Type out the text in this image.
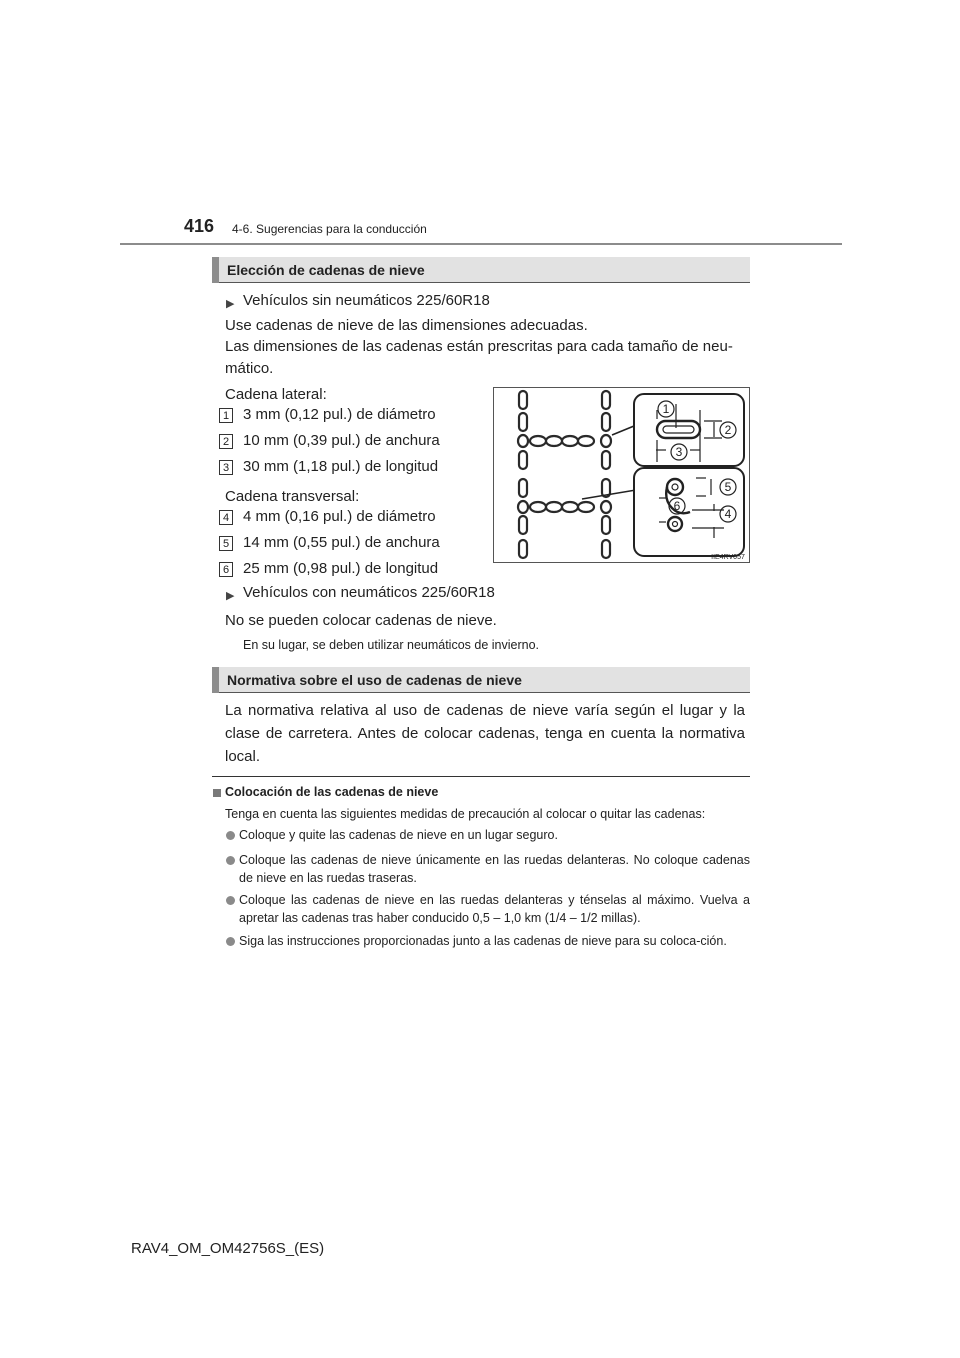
416 4-6. Sugerencias para la conducción
Elección de cadenas de nieve
▶ Vehículos sin neumáticos 225/60R18
Use cadenas de nieve de las dimensiones adecuadas.
Las dimensiones de las cadenas están prescritas para cada tamaño de neu-
mático.
Cadena lateral:
1 3 mm (0,12 pul.) de diámetro
2 10 mm (0,39 pul.) de anchura
3 30 mm (1,18 pul.) de longitud
Cadena transversal:
4 4 mm (0,16 pul.) de diámetro
5 14 mm (0,55 pul.) de anchura
6 25 mm (0,98 pul.) de longitud
1
2
3
4
5
6
IIE4RV057
▶ Vehículos con neumáticos 225/60R18
No se pueden colocar cadenas de nieve.
En su lugar, se deben utilizar neumáticos de invierno.
Normativa sobre el uso de cadenas de nieve
La normativa relativa al uso de cadenas de nieve varía según el lugar y la clase de carretera. Antes de colocar cadenas, tenga en cuenta la normativa local.
Colocación de las cadenas de nieve
Tenga en cuenta las siguientes medidas de precaución al colocar o quitar las cadenas:
Coloque y quite las cadenas de nieve en un lugar seguro.
Coloque las cadenas de nieve únicamente en las ruedas delanteras. No coloque cadenas de nieve en las ruedas traseras.
Coloque las cadenas de nieve en las ruedas delanteras y ténselas al máximo. Vuelva a apretar las cadenas tras haber conducido 0,5 – 1,0 km (1/4 – 1/2 millas).
Siga las instrucciones proporcionadas junto a las cadenas de nieve para su coloca-ción.
RAV4_OM_OM42756S_(ES)
